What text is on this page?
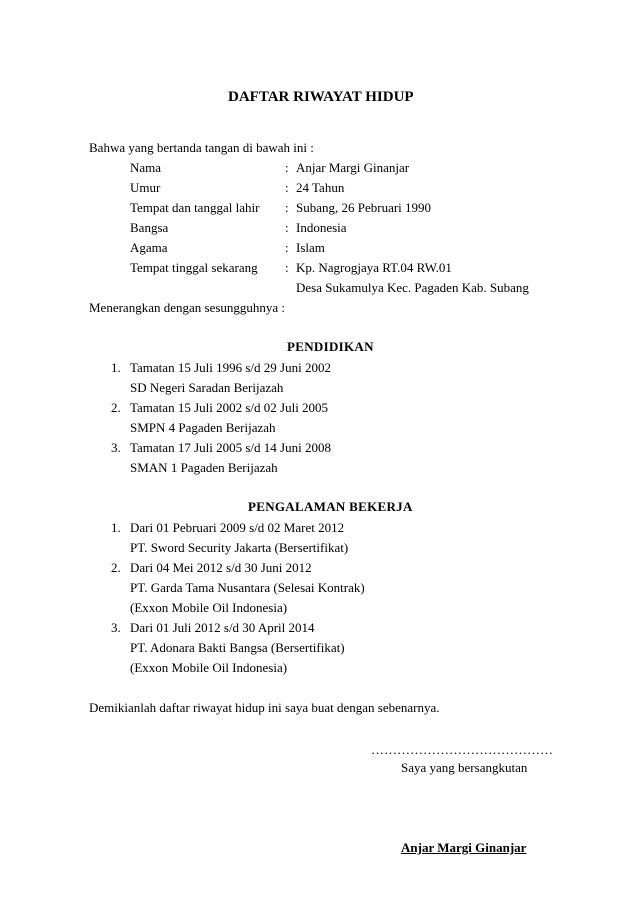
DAFTAR RIWAYAT HIDUP
Bahwa yang bertanda tangan di bawah ini :
Nama	: Anjar Margi Ginanjar
Umur	: 24 Tahun
Tempat dan tanggal lahir : Subang, 26 Pebruari 1990
Bangsa	: Indonesia
Agama	: Islam
Tempat tinggal sekarang : Kp. Nagrogjaya RT.04 RW.01
Desa Sukamulya Kec. Pagaden Kab. Subang
Menerangkan dengan sesungguhnya :
PENDIDIKAN
1. Tamatan 15 Juli 1996 s/d 29 Juni 2002
SD Negeri Saradan Berijazah
2. Tamatan 15 Juli 2002 s/d 02 Juli 2005
SMPN 4 Pagaden Berijazah
3. Tamatan 17 Juli 2005 s/d 14 Juni 2008
SMAN 1 Pagaden Berijazah
PENGALAMAN BEKERJA
1. Dari 01 Pebruari 2009 s/d 02 Maret 2012
PT. Sword Security Jakarta (Bersertifikat)
2. Dari 04 Mei 2012 s/d 30 Juni 2012
PT. Garda Tama Nusantara (Selesai Kontrak)
(Exxon Mobile Oil Indonesia)
3. Dari 01 Juli 2012 s/d 30 April 2014
PT. Adonara Bakti Bangsa (Bersertifikat)
(Exxon Mobile Oil Indonesia)
Demikianlah daftar riwayat hidup ini saya buat dengan sebenarnya.
……………………………………
Saya yang bersangkutan
Anjar Margi Ginanjar
